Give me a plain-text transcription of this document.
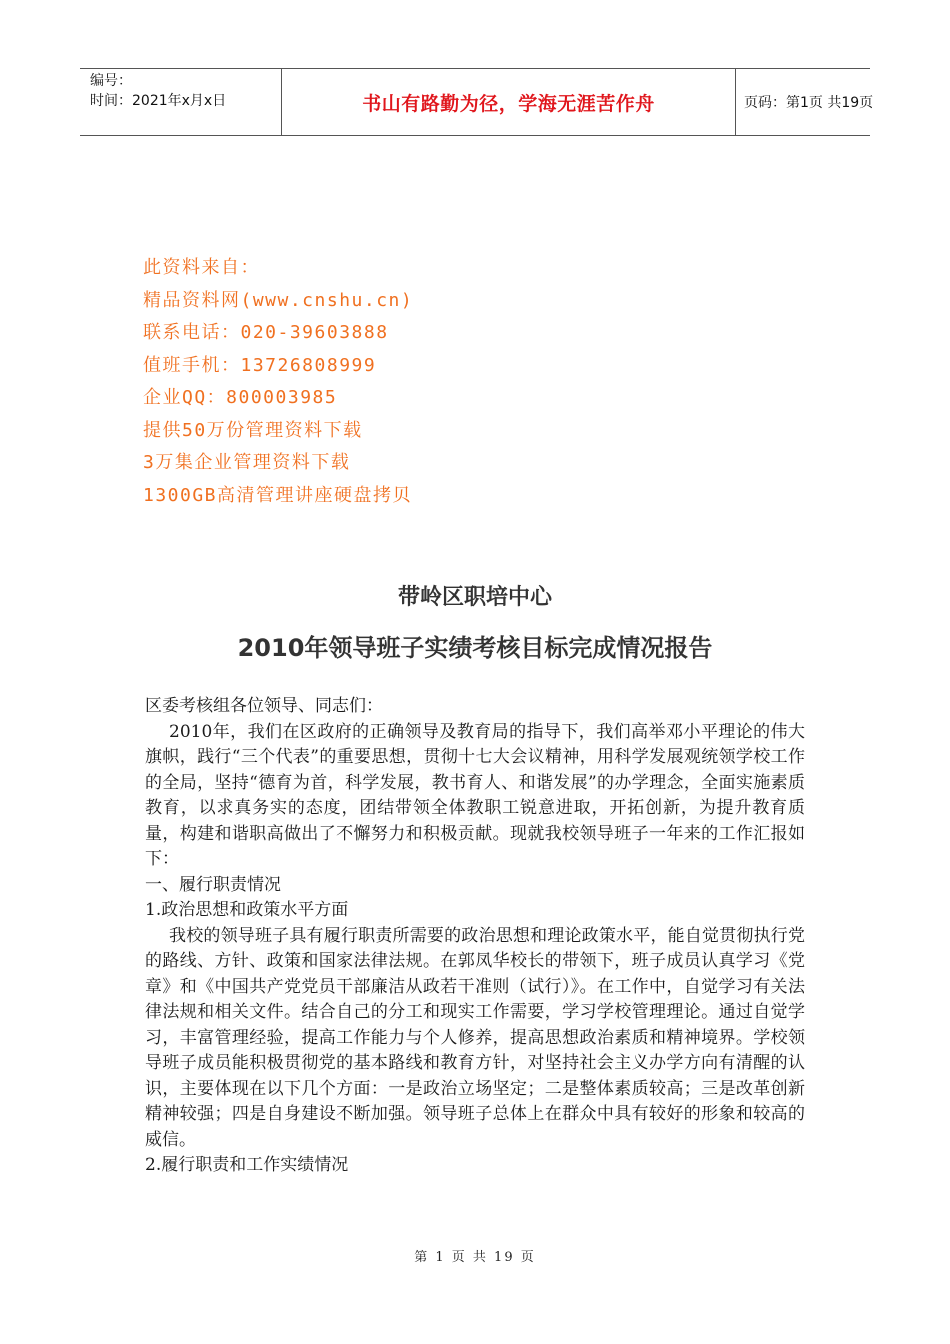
编号：
时间：2021年x月x日	书山有路勤为径，学海无涯苦作舟	页码：第1页 共19页
此资料来自：
精品资料网(www.cnshu.cn)
联系电话：020-39603888
值班手机：13726808999
企业QQ：800003985
提供50万份管理资料下载
3万集企业管理资料下载
1300GB高清管理讲座硬盘拷贝
带岭区职培中心
2010年领导班子实绩考核目标完成情况报告

区委考核组各位领导、同志们：

2010年，我们在区政府的正确领导及教育局的指导下，我们高举邓小平理论的伟大旗帜，践行“三个代表”的重要思想，贯彻十七大会议精神，用科学发展观统领学校工作的全局，坚持“德育为首，科学发展，教书育人、和谐发展”的办学理念，全面实施素质教育，以求真务实的态度，团结带领全体教职工锐意进取，开拓创新，为提升教育质量，构建和谐职高做出了不懈努力和积极贡献。现就我校领导班子一年来的工作汇报如下：

一、履行职责情况

1.政治思想和政策水平方面

我校的领导班子具有履行职责所需要的政治思想和理论政策水平，能自觉贯彻执行党的路线、方针、政策和国家法律法规。在郭凤华校长的带领下，班子成员认真学习《党章》和《中国共产党党员干部廉洁从政若干准则（试行）》。在工作中，自觉学习有关法律法规和相关文件。结合自己的分工和现实工作需要，学习学校管理理论。通过自觉学习，丰富管理经验，提高工作能力与个人修养，提高思想政治素质和精神境界。学校领导班子成员能积极贯彻党的基本路线和教育方针，对坚持社会主义办学方向有清醒的认识，主要体现在以下几个方面：一是政治立场坚定；二是整体素质较高；三是改革创新精神较强；四是自身建设不断加强。领导班子总体上在群众中具有较好的形象和较高的威信。

2.履行职责和工作实绩情况

第 1 页 共 19 页
